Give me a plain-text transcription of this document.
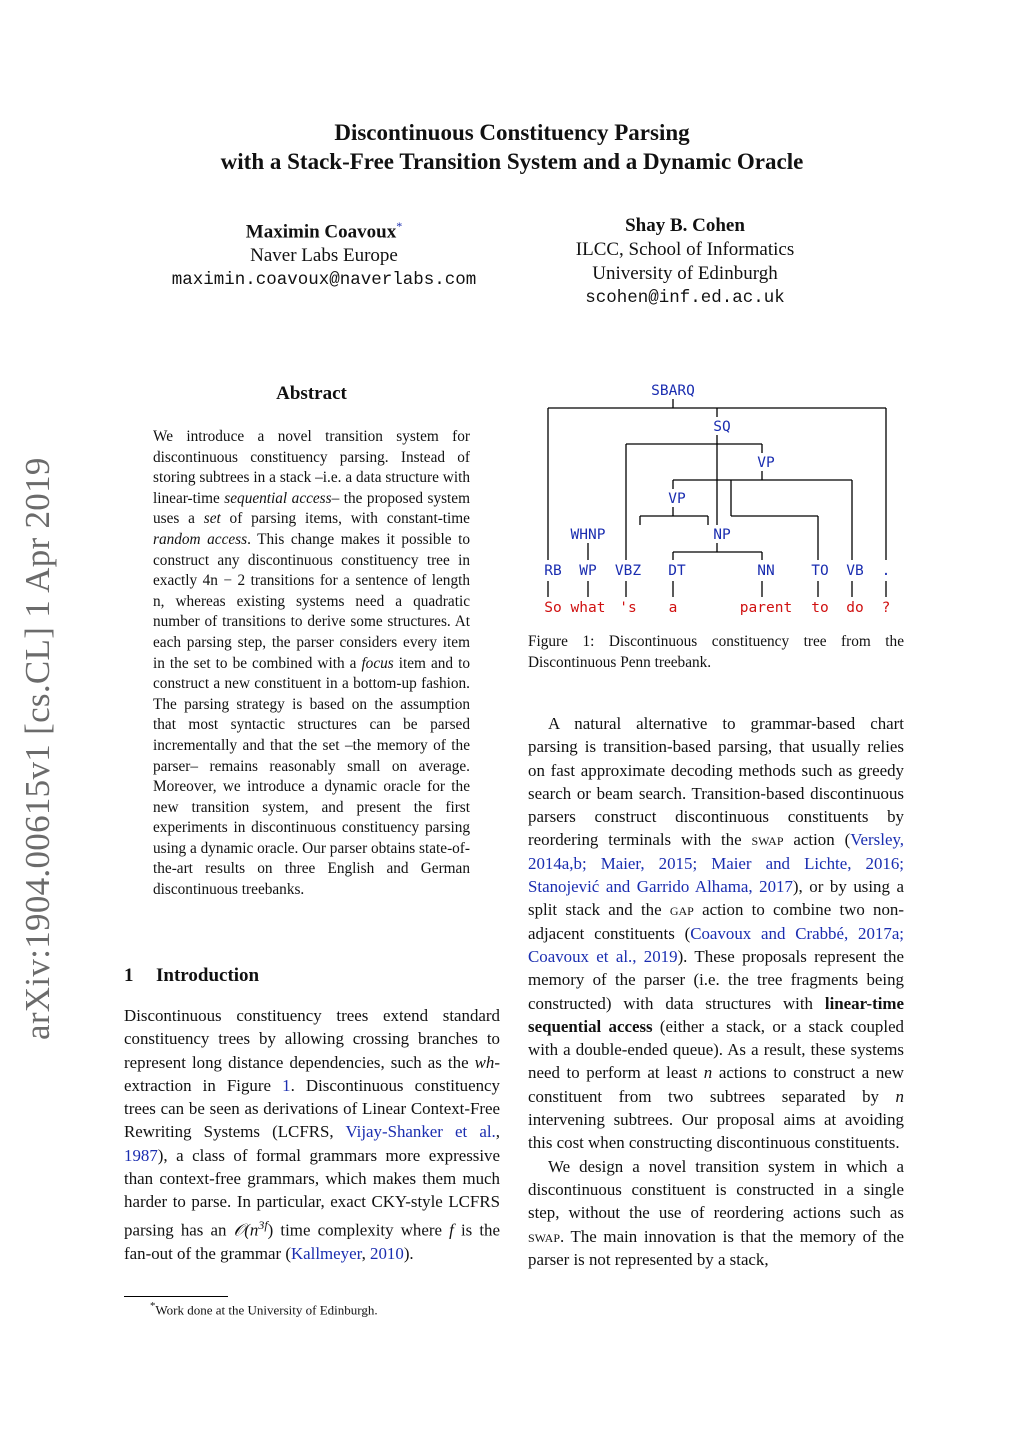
arXiv:1904.00615v1 [cs.CL] 1 Apr 2019
Discontinuous Constituency Parsing
with a Stack-Free Transition System and a Dynamic Oracle
Maximin Coavoux*
Naver Labs Europe
maximin.coavoux@naverlabs.com
Shay B. Cohen
ILCC, School of Informatics
University of Edinburgh
scohen@inf.ed.ac.uk
Abstract
We introduce a novel transition system for discontinuous constituency parsing. Instead of storing subtrees in a stack –i.e. a data structure with linear-time sequential access– the proposed system uses a set of parsing items, with constant-time random access. This change makes it possible to construct any discontinuous constituency tree in exactly 4n − 2 transitions for a sentence of length n, whereas existing systems need a quadratic number of transitions to derive some structures. At each parsing step, the parser considers every item in the set to be combined with a focus item and to construct a new constituent in a bottom-up fashion. The parsing strategy is based on the assumption that most syntactic structures can be parsed incrementally and that the set –the memory of the parser– remains reasonably small on average. Moreover, we introduce a dynamic oracle for the new transition system, and present the first experiments in discontinuous constituency parsing using a dynamic oracle. Our parser obtains state-of-the-art results on three English and German discontinuous treebanks.
1 Introduction

Discontinuous constituency trees extend standard constituency trees by allowing crossing branches to represent long distance dependencies, such as the wh-extraction in Figure 1. Discontinuous constituency trees can be seen as derivations of Linear Context-Free Rewriting Systems (LCFRS, Vijay-Shanker et al., 1987), a class of formal grammars more expressive than context-free grammars, which makes them much harder to parse. In particular, exact CKY-style LCFRS parsing has an $𝒪(n^{3f})$ time complexity where f is the fan-out of the grammar (Kallmeyer, 2010).

*Work done at the University of Edinburgh.
SBARQ
SQ
VP
VP
WHNP	NP
RB WP VBZ DT	NN	TO VB .
So what 's a	parent to do ?
Figure 1: Discontinuous constituency tree from the Discontinuous Penn treebank.

A natural alternative to grammar-based chart parsing is transition-based parsing, that usually relies on fast approximate decoding methods such as greedy search or beam search. Transition-based discontinuous parsers construct discontinuous constituents by reordering terminals with the swap action (Versley, 2014a,b; Maier, 2015; Maier and Lichte, 2016; Stanojević and Garrido Alhama, 2017), or by using a split stack and the gap action to combine two non-adjacent constituents (Coavoux and Crabbé, 2017a; Coavoux et al., 2019). These proposals represent the memory of the parser (i.e. the tree fragments being constructed) with data structures with linear-time sequential access (either a stack, or a stack coupled with a double-ended queue). As a result, these systems need to perform at least n actions to construct a new constituent from two subtrees separated by n intervening subtrees. Our proposal aims at avoiding this cost when constructing discontinuous constituents.

We design a novel transition system in which a discontinuous constituent is constructed in a single step, without the use of reordering actions such as swap. The main innovation is that the memory of the parser is not represented by a stack,
